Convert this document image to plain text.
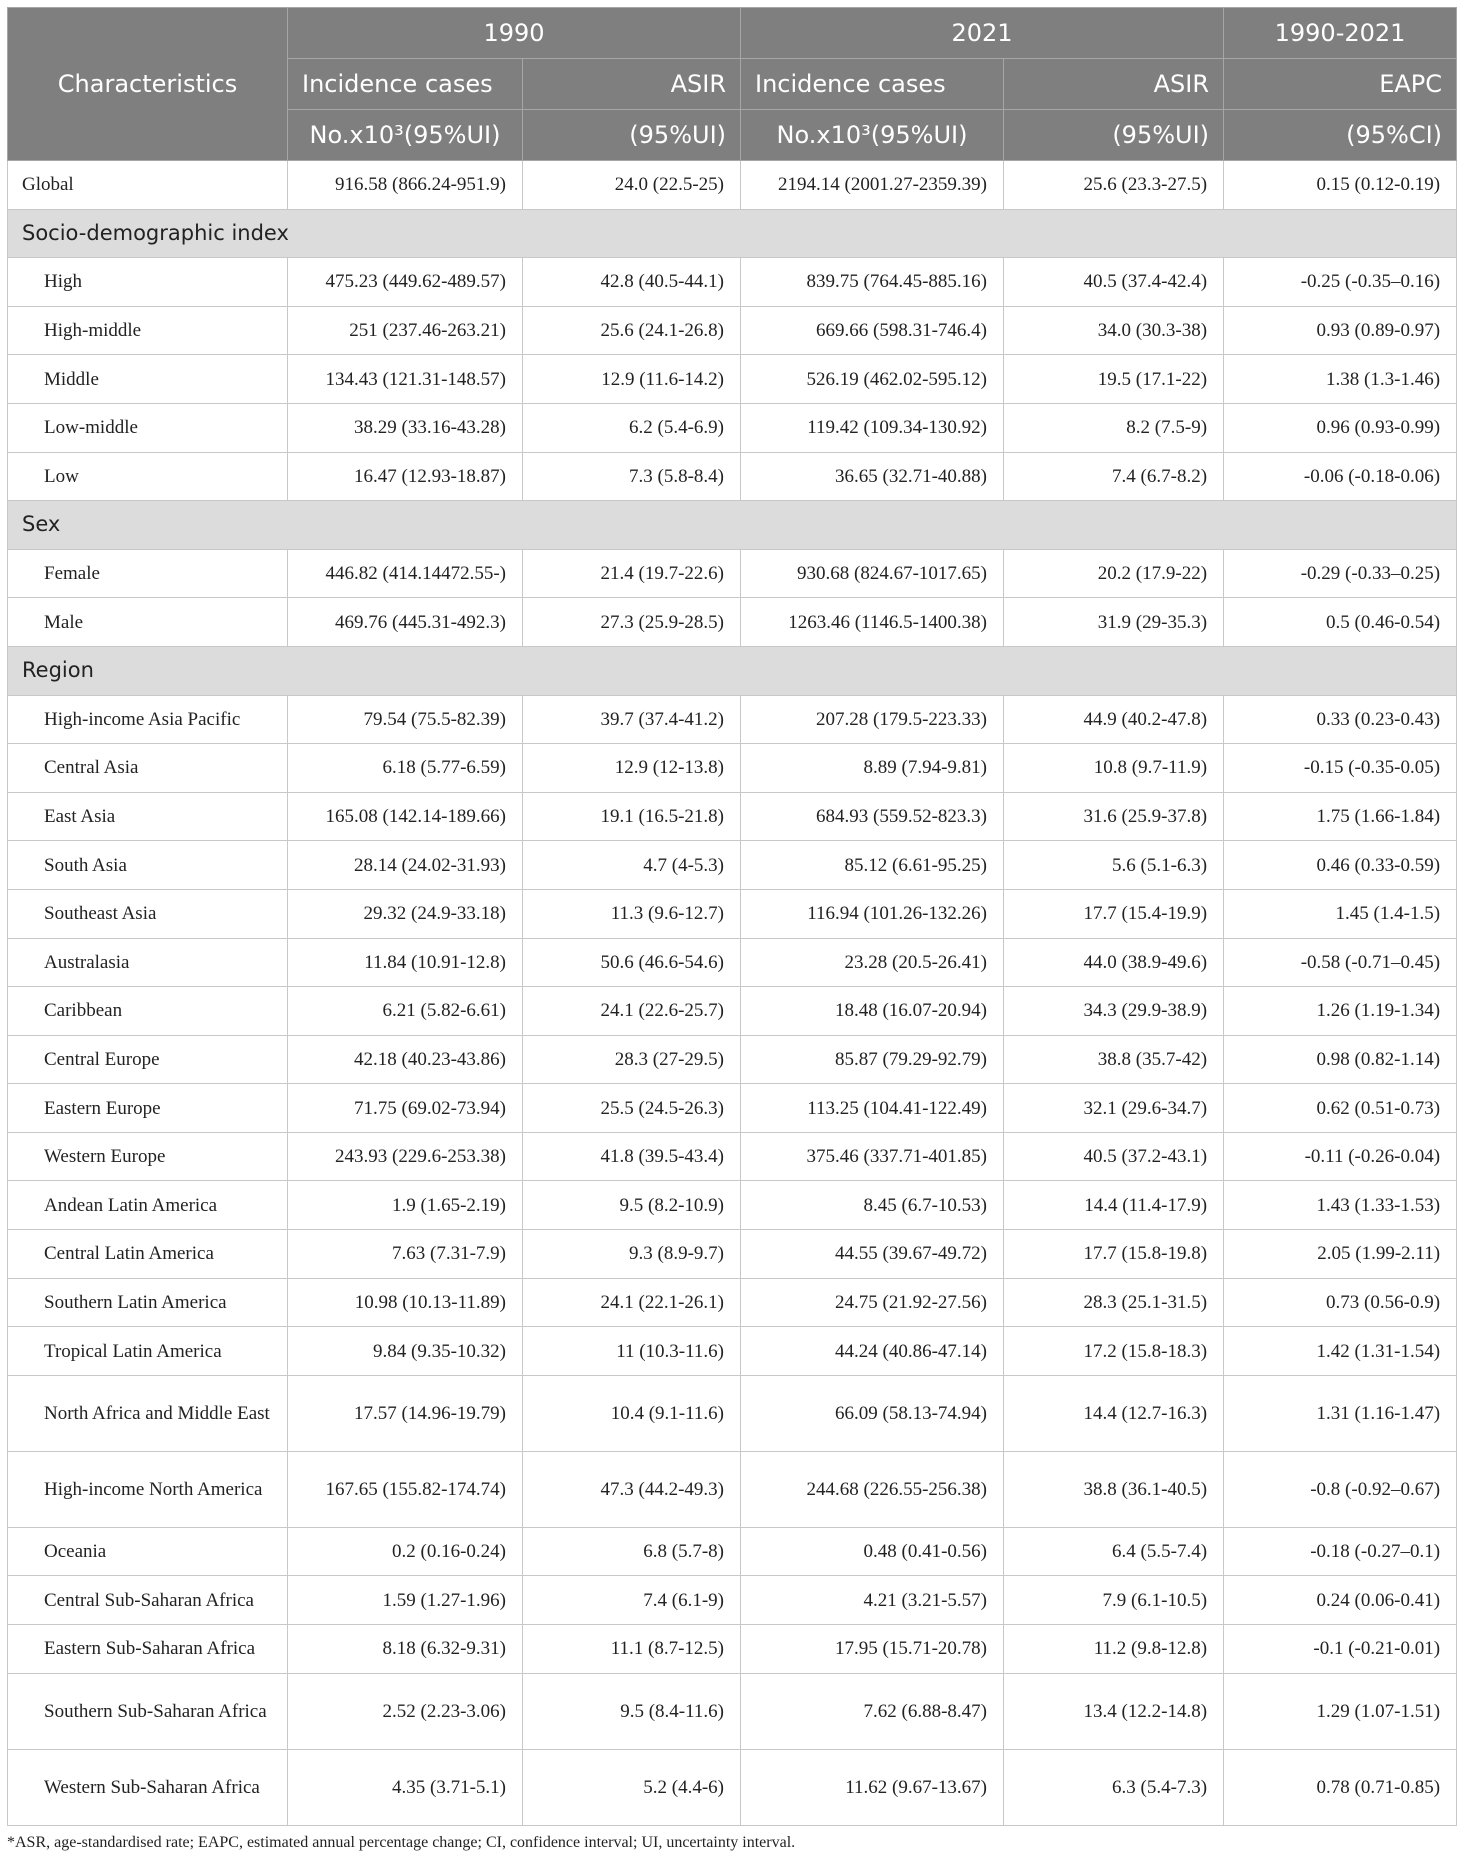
Characteristics	1990		2021		1990-2021
	Incidence cases	ASIR	Incidence cases	ASIR	EAPC
	No.x10³(95%UI)	(95%UI)	No.x10³(95%UI)	(95%UI)	(95%CI)
Global	916.58 (866.24-951.9)	24.0 (22.5-25)	2194.14 (2001.27-2359.39)	25.6 (23.3-27.5)	0.15 (0.12-0.19)
Socio-demographic index					
High	475.23 (449.62-489.57)	42.8 (40.5-44.1)	839.75 (764.45-885.16)	40.5 (37.4-42.4)	-0.25 (-0.35–0.16)
High-middle	251 (237.46-263.21)	25.6 (24.1-26.8)	669.66 (598.31-746.4)	34.0 (30.3-38)	0.93 (0.89-0.97)
Middle	134.43 (121.31-148.57)	12.9 (11.6-14.2)	526.19 (462.02-595.12)	19.5 (17.1-22)	1.38 (1.3-1.46)
Low-middle	38.29 (33.16-43.28)	6.2 (5.4-6.9)	119.42 (109.34-130.92)	8.2 (7.5-9)	0.96 (0.93-0.99)
Low	16.47 (12.93-18.87)	7.3 (5.8-8.4)	36.65 (32.71-40.88)	7.4 (6.7-8.2)	-0.06 (-0.18-0.06)
Sex					
Female	446.82 (414.14472.55-)	21.4 (19.7-22.6)	930.68 (824.67-1017.65)	20.2 (17.9-22)	-0.29 (-0.33–0.25)
Male	469.76 (445.31-492.3)	27.3 (25.9-28.5)	1263.46 (1146.5-1400.38)	31.9 (29-35.3)	0.5 (0.46-0.54)
Region					
High-income Asia Pacific	79.54 (75.5-82.39)	39.7 (37.4-41.2)	207.28 (179.5-223.33)	44.9 (40.2-47.8)	0.33 (0.23-0.43)
Central Asia	6.18 (5.77-6.59)	12.9 (12-13.8)	8.89 (7.94-9.81)	10.8 (9.7-11.9)	-0.15 (-0.35-0.05)
East Asia	165.08 (142.14-189.66)	19.1 (16.5-21.8)	684.93 (559.52-823.3)	31.6 (25.9-37.8)	1.75 (1.66-1.84)
South Asia	28.14 (24.02-31.93)	4.7 (4-5.3)	85.12 (6.61-95.25)	5.6 (5.1-6.3)	0.46 (0.33-0.59)
Southeast Asia	29.32 (24.9-33.18)	11.3 (9.6-12.7)	116.94 (101.26-132.26)	17.7 (15.4-19.9)	1.45 (1.4-1.5)
Australasia	11.84 (10.91-12.8)	50.6 (46.6-54.6)	23.28 (20.5-26.41)	44.0 (38.9-49.6)	-0.58 (-0.71–0.45)
Caribbean	6.21 (5.82-6.61)	24.1 (22.6-25.7)	18.48 (16.07-20.94)	34.3 (29.9-38.9)	1.26 (1.19-1.34)
Central Europe	42.18 (40.23-43.86)	28.3 (27-29.5)	85.87 (79.29-92.79)	38.8 (35.7-42)	0.98 (0.82-1.14)
Eastern Europe	71.75 (69.02-73.94)	25.5 (24.5-26.3)	113.25 (104.41-122.49)	32.1 (29.6-34.7)	0.62 (0.51-0.73)
Western Europe	243.93 (229.6-253.38)	41.8 (39.5-43.4)	375.46 (337.71-401.85)	40.5 (37.2-43.1)	-0.11 (-0.26-0.04)
Andean Latin America	1.9 (1.65-2.19)	9.5 (8.2-10.9)	8.45 (6.7-10.53)	14.4 (11.4-17.9)	1.43 (1.33-1.53)
Central Latin America	7.63 (7.31-7.9)	9.3 (8.9-9.7)	44.55 (39.67-49.72)	17.7 (15.8-19.8)	2.05 (1.99-2.11)
Southern Latin America	10.98 (10.13-11.89)	24.1 (22.1-26.1)	24.75 (21.92-27.56)	28.3 (25.1-31.5)	0.73 (0.56-0.9)
Tropical Latin America	9.84 (9.35-10.32)	11 (10.3-11.6)	44.24 (40.86-47.14)	17.2 (15.8-18.3)	1.42 (1.31-1.54)
North Africa and Middle East	17.57 (14.96-19.79)	10.4 (9.1-11.6)	66.09 (58.13-74.94)	14.4 (12.7-16.3)	1.31 (1.16-1.47)
High-income North America	167.65 (155.82-174.74)	47.3 (44.2-49.3)	244.68 (226.55-256.38)	38.8 (36.1-40.5)	-0.8 (-0.92–0.67)
Oceania	0.2 (0.16-0.24)	6.8 (5.7-8)	0.48 (0.41-0.56)	6.4 (5.5-7.4)	-0.18 (-0.27–0.1)
Central Sub-Saharan Africa	1.59 (1.27-1.96)	7.4 (6.1-9)	4.21 (3.21-5.57)	7.9 (6.1-10.5)	0.24 (0.06-0.41)
Eastern Sub-Saharan Africa	8.18 (6.32-9.31)	11.1 (8.7-12.5)	17.95 (15.71-20.78)	11.2 (9.8-12.8)	-0.1 (-0.21-0.01)
Southern Sub-Saharan Africa	2.52 (2.23-3.06)	9.5 (8.4-11.6)	7.62 (6.88-8.47)	13.4 (12.2-14.8)	1.29 (1.07-1.51)
Western Sub-Saharan Africa	4.35 (3.71-5.1)	5.2 (4.4-6)	11.62 (9.67-13.67)	6.3 (5.4-7.3)	0.78 (0.71-0.85)
*ASR, age-standardised rate; EAPC, estimated annual percentage change; CI, confidence interval; UI, uncertainty interval.
